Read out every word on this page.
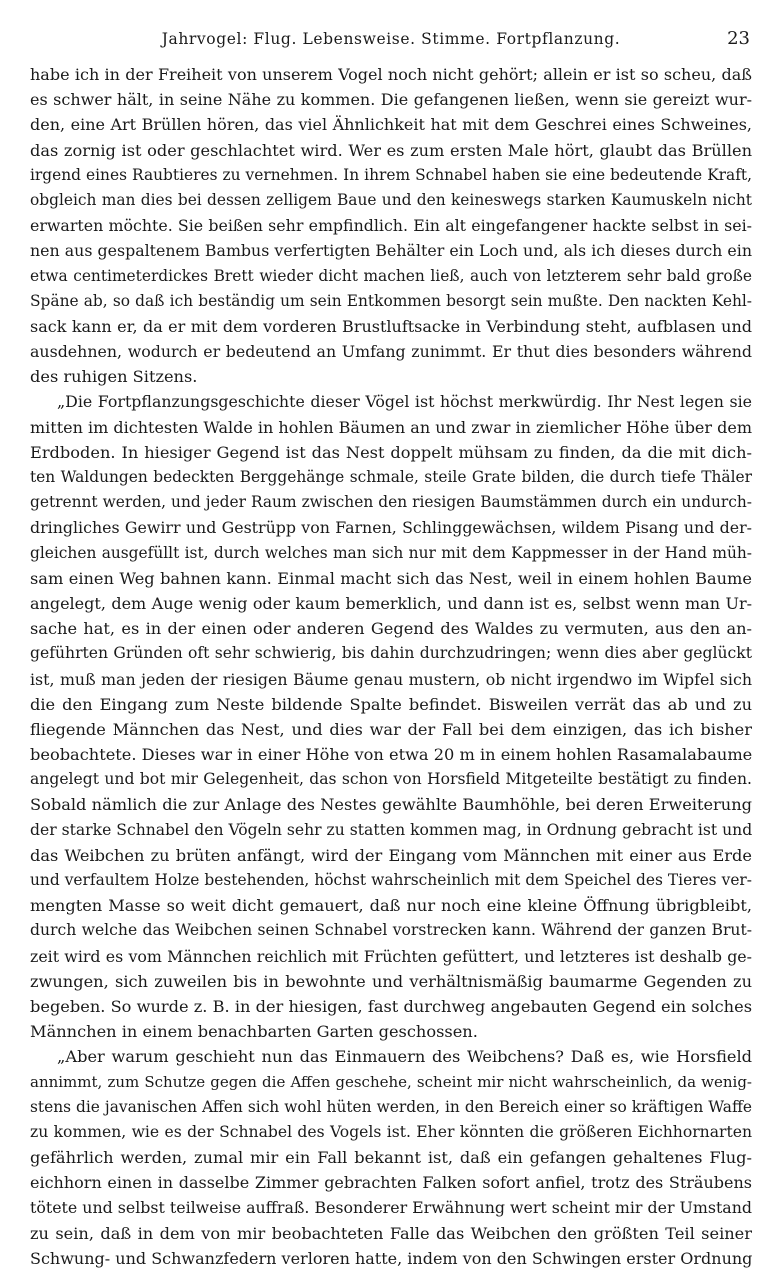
Jahrvogel: Flug. Lebensweise. Stimme. Fortpflanzung.	23
habe ich in der Freiheit von unserem Vogel noch nicht gehört; allein er ist so scheu, daß
es schwer hält, in seine Nähe zu kommen. Die gefangenen ließen, wenn sie gereizt wur-
den, eine Art Brüllen hören, das viel Ähnlichkeit hat mit dem Geschrei eines Schweines,
das zornig ist oder geschlachtet wird. Wer es zum ersten Male hört, glaubt das Brüllen
irgend eines Raubtieres zu vernehmen. In ihrem Schnabel haben sie eine bedeutende Kraft,
obgleich man dies bei dessen zelligem Baue und den keineswegs starken Kaumuskeln nicht
erwarten möchte. Sie beißen sehr empfindlich. Ein alt eingefangener hackte selbst in sei-
nen aus gespaltenem Bambus verfertigten Behälter ein Loch und, als ich dieses durch ein
etwa centimeterdickes Brett wieder dicht machen ließ, auch von letzterem sehr bald große
Späne ab, so daß ich beständig um sein Entkommen besorgt sein mußte. Den nackten Kehl-
sack kann er, da er mit dem vorderen Brustluftsacke in Verbindung steht, aufblasen und
ausdehnen, wodurch er bedeutend an Umfang zunimmt. Er thut dies besonders während
des ruhigen Sitzens.
„Die Fortpflanzungsgeschichte dieser Vögel ist höchst merkwürdig. Ihr Nest legen sie
mitten im dichtesten Walde in hohlen Bäumen an und zwar in ziemlicher Höhe über dem
Erdboden. In hiesiger Gegend ist das Nest doppelt mühsam zu finden, da die mit dich-
ten Waldungen bedeckten Berggehänge schmale, steile Grate bilden, die durch tiefe Thäler
getrennt werden, und jeder Raum zwischen den riesigen Baumstämmen durch ein undurch-
dringliches Gewirr und Gestrüpp von Farnen, Schlinggewächsen, wildem Pisang und der-
gleichen ausgefüllt ist, durch welches man sich nur mit dem Kappmesser in der Hand müh-
sam einen Weg bahnen kann. Einmal macht sich das Nest, weil in einem hohlen Baume
angelegt, dem Auge wenig oder kaum bemerklich, und dann ist es, selbst wenn man Ur-
sache hat, es in der einen oder anderen Gegend des Waldes zu vermuten, aus den an-
geführten Gründen oft sehr schwierig, bis dahin durchzudringen; wenn dies aber geglückt
ist, muß man jeden der riesigen Bäume genau mustern, ob nicht irgendwo im Wipfel sich
die den Eingang zum Neste bildende Spalte befindet. Bisweilen verrät das ab und zu
fliegende Männchen das Nest, und dies war der Fall bei dem einzigen, das ich bisher
beobachtete. Dieses war in einer Höhe von etwa 20 m in einem hohlen Rasamalabaume
angelegt und bot mir Gelegenheit, das schon von Horsfield Mitgeteilte bestätigt zu finden.
Sobald nämlich die zur Anlage des Nestes gewählte Baumhöhle, bei deren Erweiterung
der starke Schnabel den Vögeln sehr zu statten kommen mag, in Ordnung gebracht ist und
das Weibchen zu brüten anfängt, wird der Eingang vom Männchen mit einer aus Erde
und verfaultem Holze bestehenden, höchst wahrscheinlich mit dem Speichel des Tieres ver-
mengten Masse so weit dicht gemauert, daß nur noch eine kleine Öffnung übrigbleibt,
durch welche das Weibchen seinen Schnabel vorstrecken kann. Während der ganzen Brut-
zeit wird es vom Männchen reichlich mit Früchten gefüttert, und letzteres ist deshalb ge-
zwungen, sich zuweilen bis in bewohnte und verhältnismäßig baumarme Gegenden zu
begeben. So wurde z. B. in der hiesigen, fast durchweg angebauten Gegend ein solches
Männchen in einem benachbarten Garten geschossen.
„Aber warum geschieht nun das Einmauern des Weibchens? Daß es, wie Horsfield
annimmt, zum Schutze gegen die Affen geschehe, scheint mir nicht wahrscheinlich, da wenig-
stens die javanischen Affen sich wohl hüten werden, in den Bereich einer so kräftigen Waffe
zu kommen, wie es der Schnabel des Vogels ist. Eher könnten die größeren Eichhornarten
gefährlich werden, zumal mir ein Fall bekannt ist, daß ein gefangen gehaltenes Flug-
eichhorn einen in dasselbe Zimmer gebrachten Falken sofort anfiel, trotz des Sträubens
tötete und selbst teilweise auffraß. Besonderer Erwähnung wert scheint mir der Umstand
zu sein, daß in dem von mir beobachteten Falle das Weibchen den größten Teil seiner
Schwung- und Schwanzfedern verloren hatte, indem von den Schwingen erster Ordnung
